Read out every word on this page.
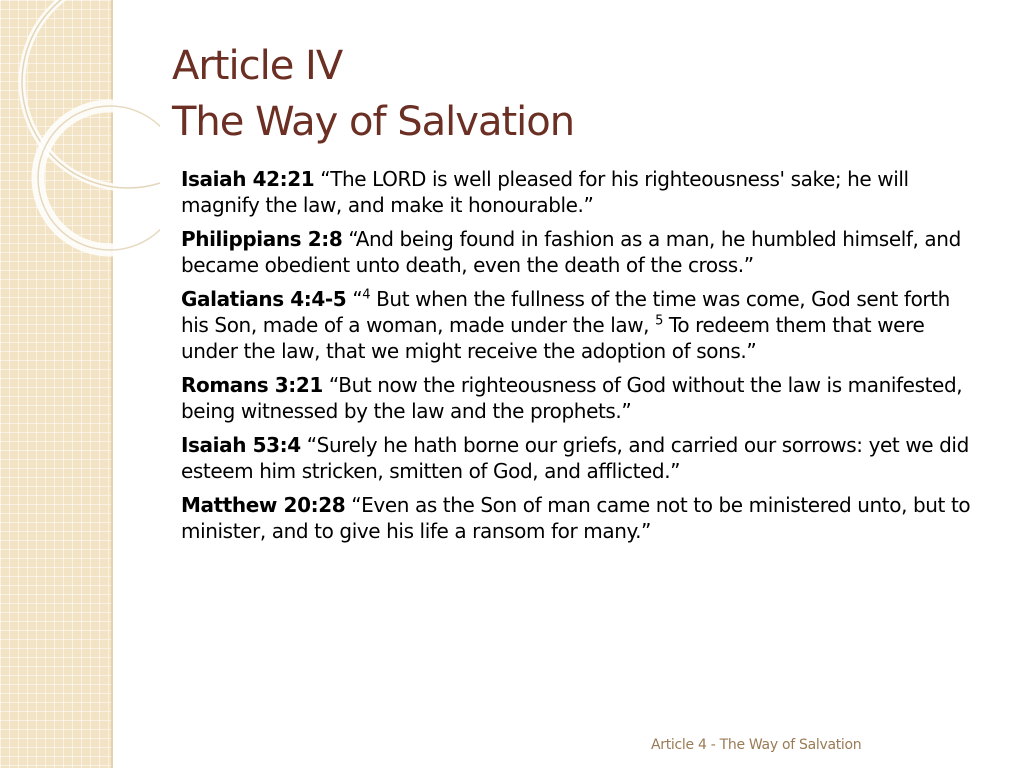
Article IV
The Way of Salvation

Isaiah 42:21 “The LORD is well pleased for his righteousness' sake; he will magnify the law, and make it honourable.”

Philippians 2:8 “And being found in fashion as a man, he humbled himself, and became obedient unto death, even the death of the cross.”

Galatians 4:4-5 “$^4$ But when the fullness of the time was come, God sent forth his Son, made of a woman, made under the law, $^5$ To redeem them that were under the law, that we might receive the adoption of sons.”

Romans 3:21 “But now the righteousness of God without the law is manifested, being witnessed by the law and the prophets.”

Isaiah 53:4 “Surely he hath borne our griefs, and carried our sorrows: yet we did esteem him stricken, smitten of God, and afflicted.”

Matthew 20:28 “Even as the Son of man came not to be ministered unto, but to minister, and to give his life a ransom for many.”

Article 4 - The Way of Salvation
